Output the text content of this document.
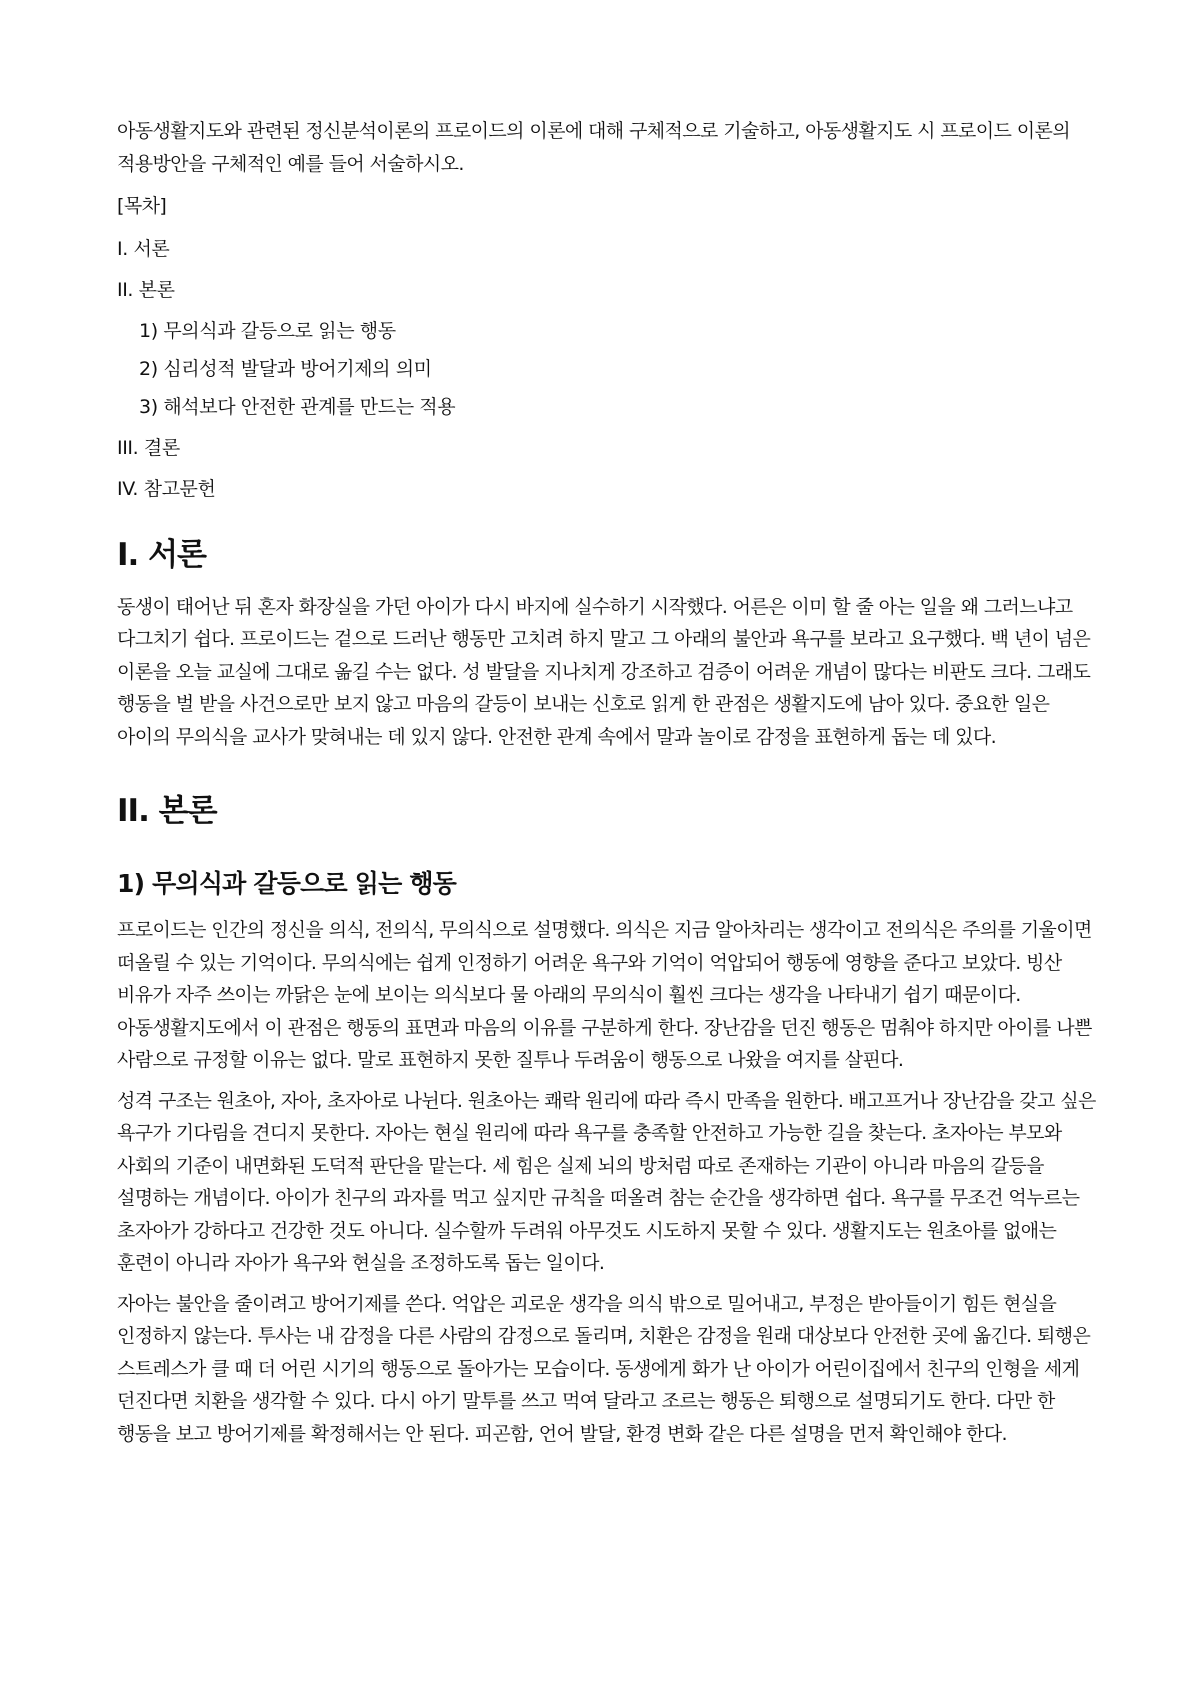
아동생활지도와 관련된 정신분석이론의 프로이드의 이론에 대해 구체적으로 기술하고, 아동생활지도 시 프로이드 이론의 적용방안을 구체적인 예를 들어 서술하시오.

[목차]

I. 서론
II. 본론
1) 무의식과 갈등으로 읽는 행동
2) 심리성적 발달과 방어기제의 의미
3) 해석보다 안전한 관계를 만드는 적용
III. 결론
IV. 참고문헌
I. 서론

동생이 태어난 뒤 혼자 화장실을 가던 아이가 다시 바지에 실수하기 시작했다. 어른은 이미 할 줄 아는 일을 왜 그러느냐고 다그치기 쉽다. 프로이드는 겉으로 드러난 행동만 고치려 하지 말고 그 아래의 불안과 욕구를 보라고 요구했다. 백 년이 넘은 이론을 오늘 교실에 그대로 옮길 수는 없다. 성 발달을 지나치게 강조하고 검증이 어려운 개념이 많다는 비판도 크다. 그래도 행동을 벌 받을 사건으로만 보지 않고 마음의 갈등이 보내는 신호로 읽게 한 관점은 생활지도에 남아 있다. 중요한 일은 아이의 무의식을 교사가 맞혀내는 데 있지 않다. 안전한 관계 속에서 말과 놀이로 감정을 표현하게 돕는 데 있다.

II. 본론
1) 무의식과 갈등으로 읽는 행동

프로이드는 인간의 정신을 의식, 전의식, 무의식으로 설명했다. 의식은 지금 알아차리는 생각이고 전의식은 주의를 기울이면 떠올릴 수 있는 기억이다. 무의식에는 쉽게 인정하기 어려운 욕구와 기억이 억압되어 행동에 영향을 준다고 보았다. 빙산 비유가 자주 쓰이는 까닭은 눈에 보이는 의식보다 물 아래의 무의식이 훨씬 크다는 생각을 나타내기 쉽기 때문이다. 아동생활지도에서 이 관점은 행동의 표면과 마음의 이유를 구분하게 한다. 장난감을 던진 행동은 멈춰야 하지만 아이를 나쁜 사람으로 규정할 이유는 없다. 말로 표현하지 못한 질투나 두려움이 행동으로 나왔을 여지를 살핀다.

성격 구조는 원초아, 자아, 초자아로 나뉜다. 원초아는 쾌락 원리에 따라 즉시 만족을 원한다. 배고프거나 장난감을 갖고 싶은 욕구가 기다림을 견디지 못한다. 자아는 현실 원리에 따라 욕구를 충족할 안전하고 가능한 길을 찾는다. 초자아는 부모와 사회의 기준이 내면화된 도덕적 판단을 맡는다. 세 힘은 실제 뇌의 방처럼 따로 존재하는 기관이 아니라 마음의 갈등을 설명하는 개념이다. 아이가 친구의 과자를 먹고 싶지만 규칙을 떠올려 참는 순간을 생각하면 쉽다. 욕구를 무조건 억누르는 초자아가 강하다고 건강한 것도 아니다. 실수할까 두려워 아무것도 시도하지 못할 수 있다. 생활지도는 원초아를 없애는 훈련이 아니라 자아가 욕구와 현실을 조정하도록 돕는 일이다.

자아는 불안을 줄이려고 방어기제를 쓴다. 억압은 괴로운 생각을 의식 밖으로 밀어내고, 부정은 받아들이기 힘든 현실을 인정하지 않는다. 투사는 내 감정을 다른 사람의 감정으로 돌리며, 치환은 감정을 원래 대상보다 안전한 곳에 옮긴다. 퇴행은 스트레스가 클 때 더 어린 시기의 행동으로 돌아가는 모습이다. 동생에게 화가 난 아이가 어린이집에서 친구의 인형을 세게 던진다면 치환을 생각할 수 있다. 다시 아기 말투를 쓰고 먹여 달라고 조르는 행동은 퇴행으로 설명되기도 한다. 다만 한 행동을 보고 방어기제를 확정해서는 안 된다. 피곤함, 언어 발달, 환경 변화 같은 다른 설명을 먼저 확인해야 한다.
